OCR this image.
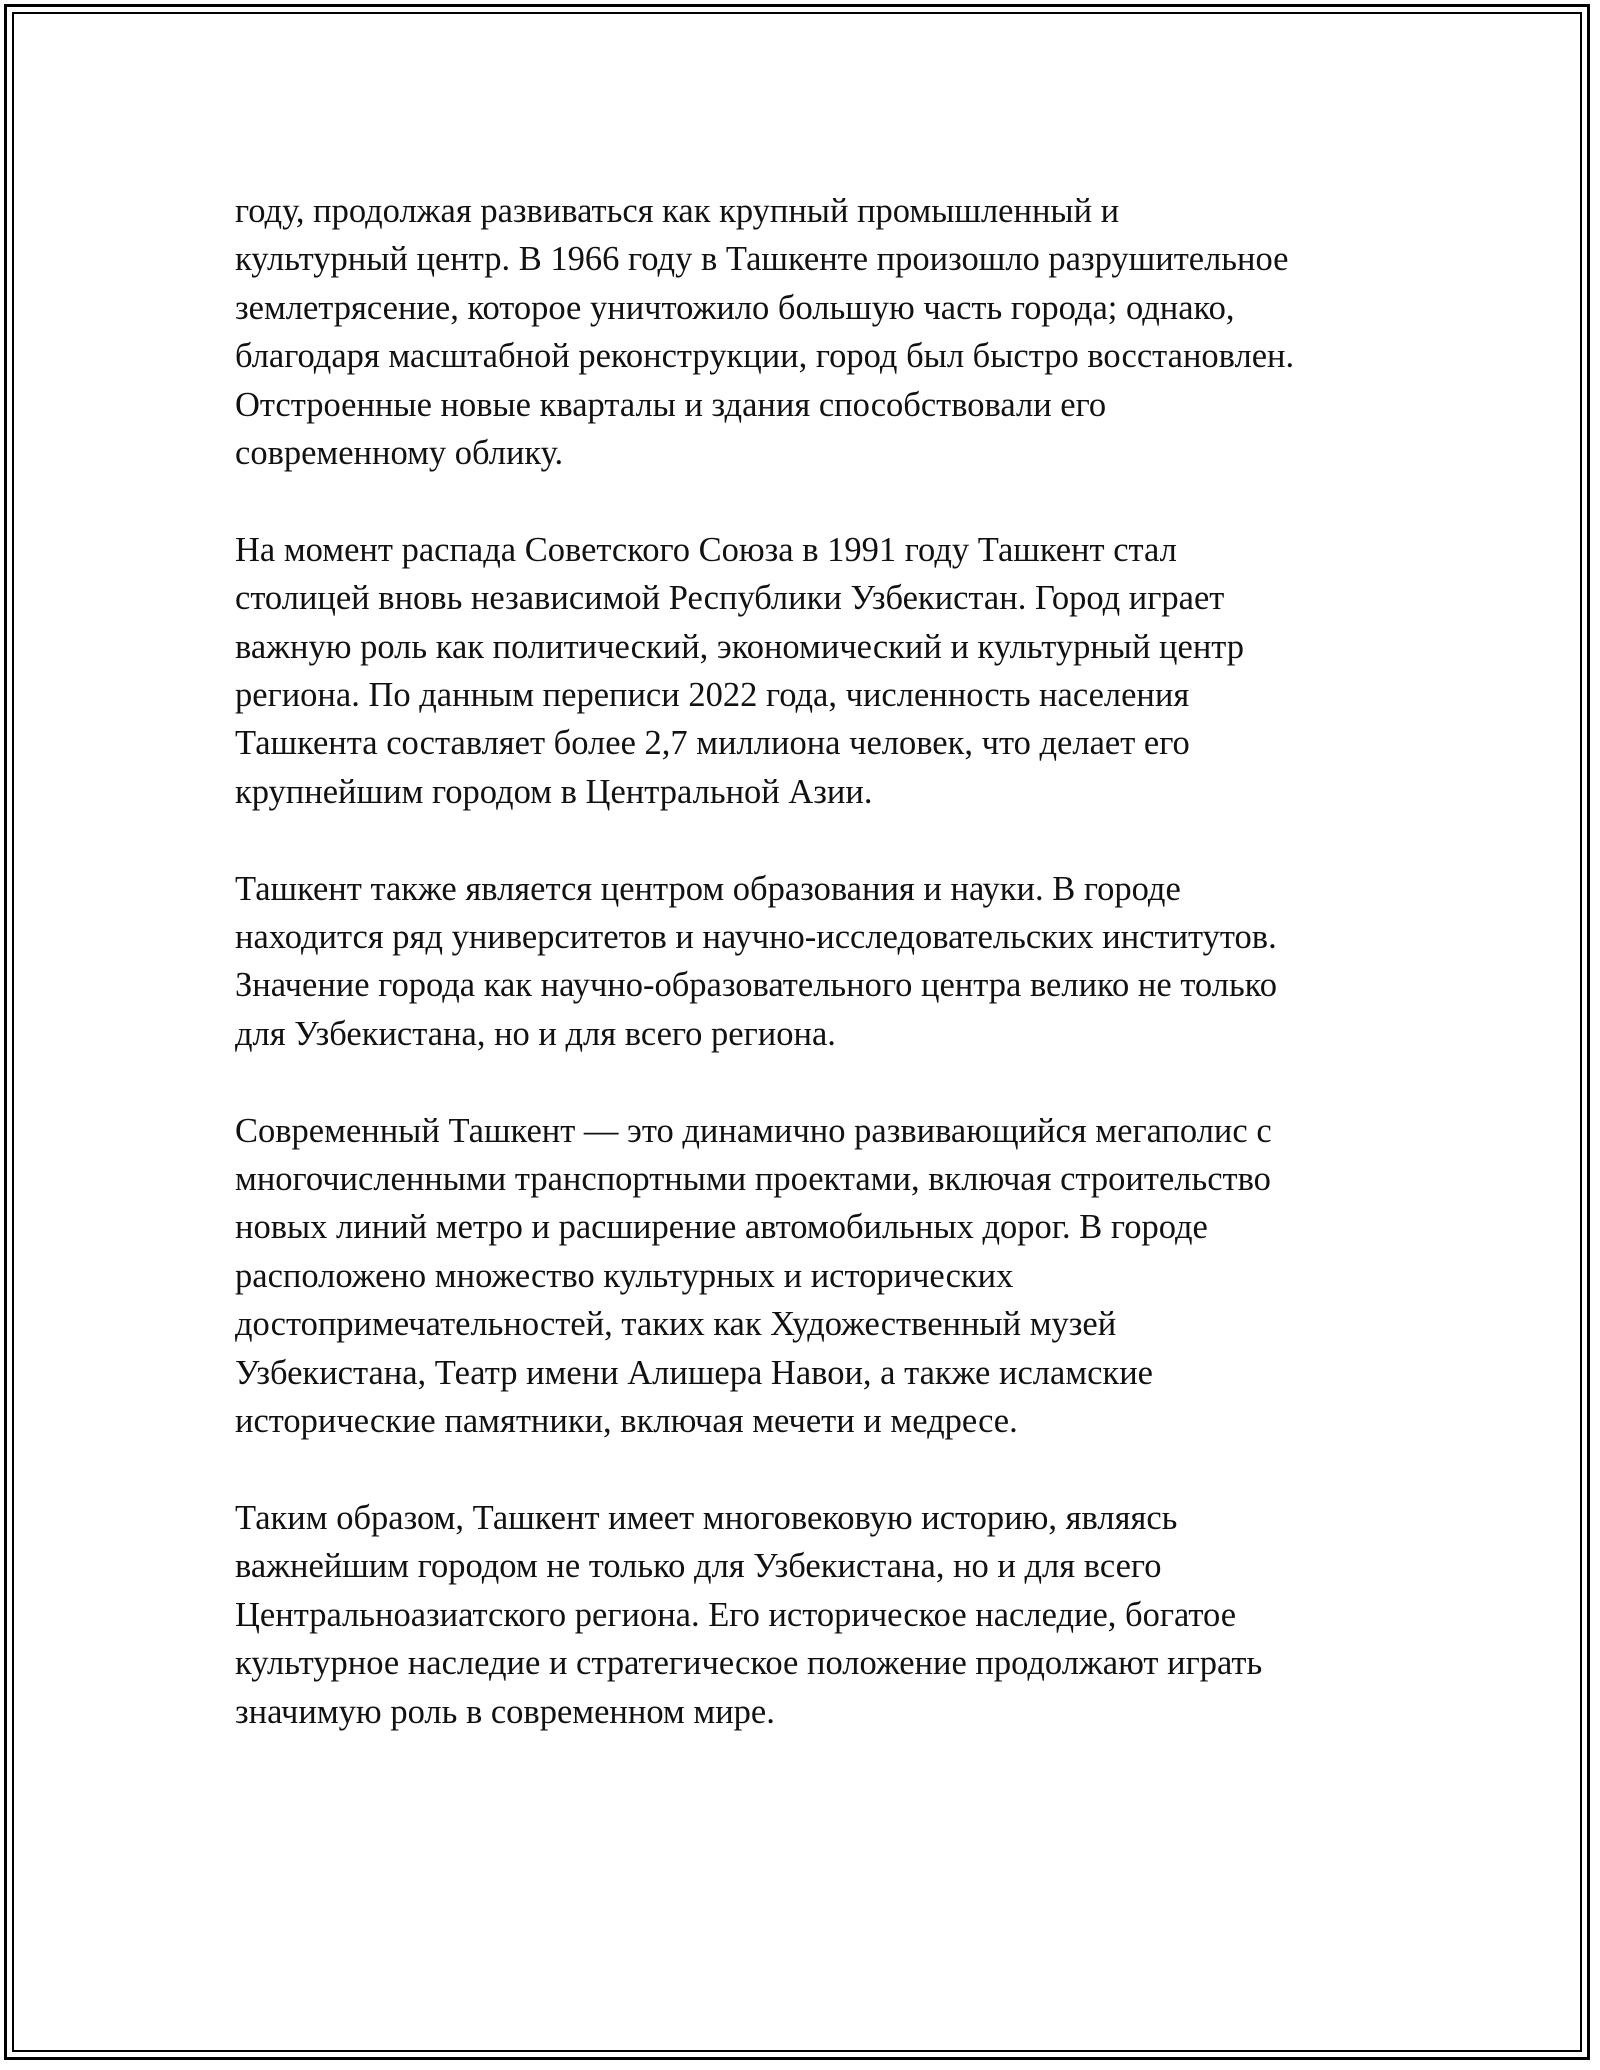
году, продолжая развиваться как крупный промышленный и
культурный центр. В 1966 году в Ташкенте произошло разрушительное
землетрясение, которое уничтожило большую часть города; однако,
благодаря масштабной реконструкции, город был быстро восстановлен.
Отстроенные новые кварталы и здания способствовали его
современному облику.

На момент распада Советского Союза в 1991 году Ташкент стал
столицей вновь независимой Республики Узбекистан. Город играет
важную роль как политический, экономический и культурный центр
региона. По данным переписи 2022 года, численность населения
Ташкента составляет более 2,7 миллиона человек, что делает его
крупнейшим городом в Центральной Азии.

Ташкент также является центром образования и науки. В городе
находится ряд университетов и научно-исследовательских институтов.
Значение города как научно-образовательного центра велико не только
для Узбекистана, но и для всего региона.

Современный Ташкент — это динамично развивающийся мегаполис с
многочисленными транспортными проектами, включая строительство
новых линий метро и расширение автомобильных дорог. В городе
расположено множество культурных и исторических
достопримечательностей, таких как Художественный музей
Узбекистана, Театр имени Алишера Навои, а также исламские
исторические памятники, включая мечети и медресе.

Таким образом, Ташкент имеет многовековую историю, являясь
важнейшим городом не только для Узбекистана, но и для всего
Центральноазиатского региона. Его историческое наследие, богатое
культурное наследие и стратегическое положение продолжают играть
значимую роль в современном мире.
